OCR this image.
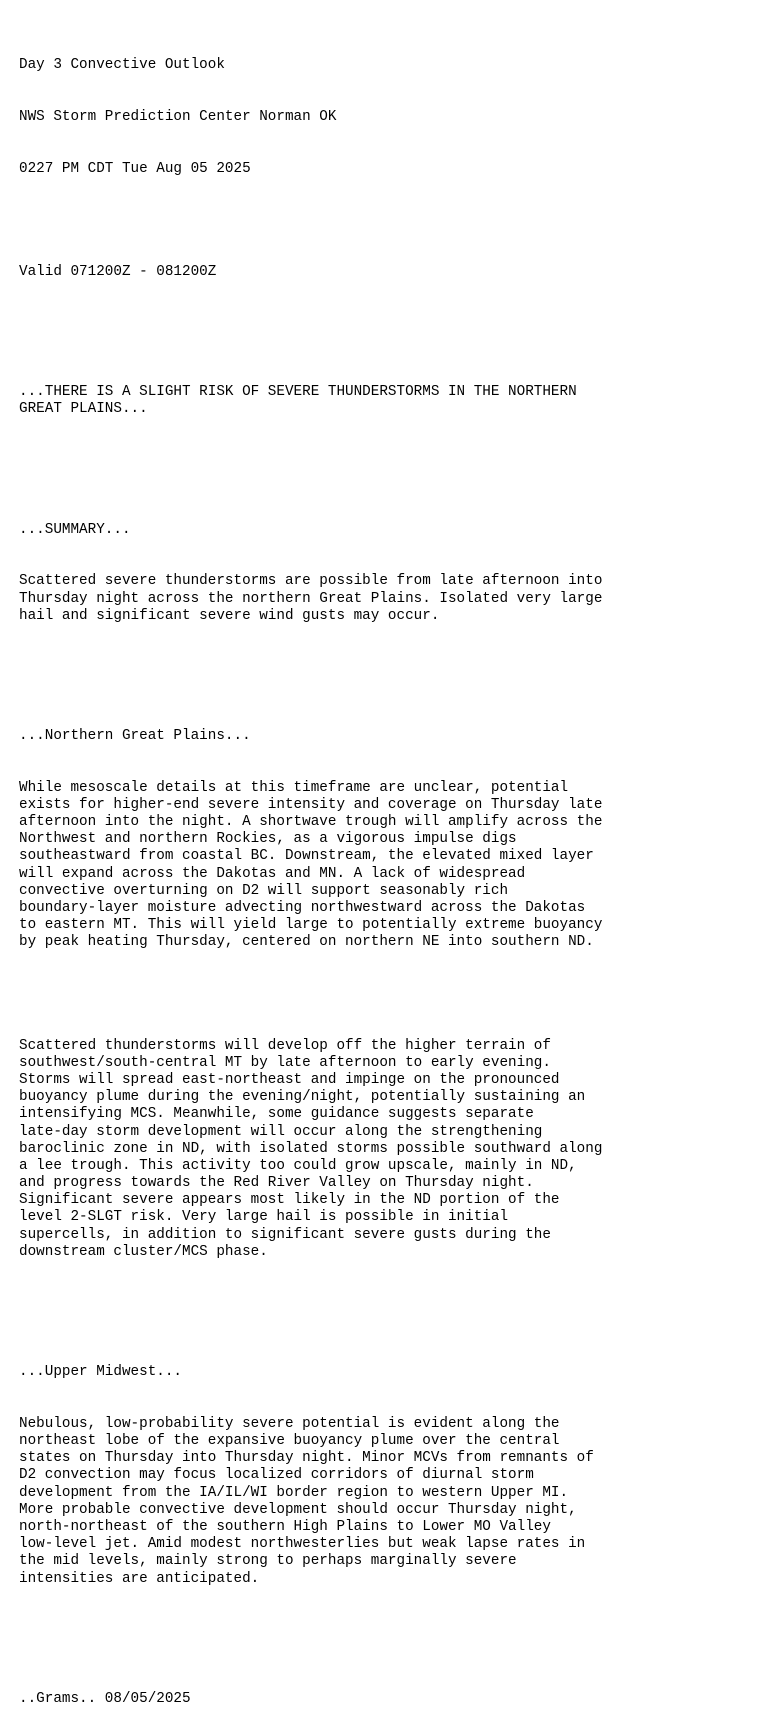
Day 3 Convective Outlook

NWS Storm Prediction Center Norman OK

0227 PM CDT Tue Aug 05 2025

Valid 071200Z - 081200Z

...THERE IS A SLIGHT RISK OF SEVERE THUNDERSTORMS IN THE NORTHERN
GREAT PLAINS...

...SUMMARY...

Scattered severe thunderstorms are possible from late afternoon into
Thursday night across the northern Great Plains. Isolated very large
hail and significant severe wind gusts may occur.

...Northern Great Plains...

While mesoscale details at this timeframe are unclear, potential
exists for higher-end severe intensity and coverage on Thursday late
afternoon into the night. A shortwave trough will amplify across the
Northwest and northern Rockies, as a vigorous impulse digs
southeastward from coastal BC. Downstream, the elevated mixed layer
will expand across the Dakotas and MN. A lack of widespread
convective overturning on D2 will support seasonably rich
boundary-layer moisture advecting northwestward across the Dakotas
to eastern MT. This will yield large to potentially extreme buoyancy
by peak heating Thursday, centered on northern NE into southern ND.

Scattered thunderstorms will develop off the higher terrain of
southwest/south-central MT by late afternoon to early evening.
Storms will spread east-northeast and impinge on the pronounced
buoyancy plume during the evening/night, potentially sustaining an
intensifying MCS. Meanwhile, some guidance suggests separate
late-day storm development will occur along the strengthening
baroclinic zone in ND, with isolated storms possible southward along
a lee trough. This activity too could grow upscale, mainly in ND,
and progress towards the Red River Valley on Thursday night.
Significant severe appears most likely in the ND portion of the
level 2-SLGT risk. Very large hail is possible in initial
supercells, in addition to significant severe gusts during the
downstream cluster/MCS phase.

...Upper Midwest...

Nebulous, low-probability severe potential is evident along the
northeast lobe of the expansive buoyancy plume over the central
states on Thursday into Thursday night. Minor MCVs from remnants of
D2 convection may focus localized corridors of diurnal storm
development from the IA/IL/WI border region to western Upper MI.
More probable convective development should occur Thursday night,
north-northeast of the southern High Plains to Lower MO Valley
low-level jet. Amid modest northwesterlies but weak lapse rates in
the mid levels, mainly strong to perhaps marginally severe
intensities are anticipated.

..Grams.. 08/05/2025
